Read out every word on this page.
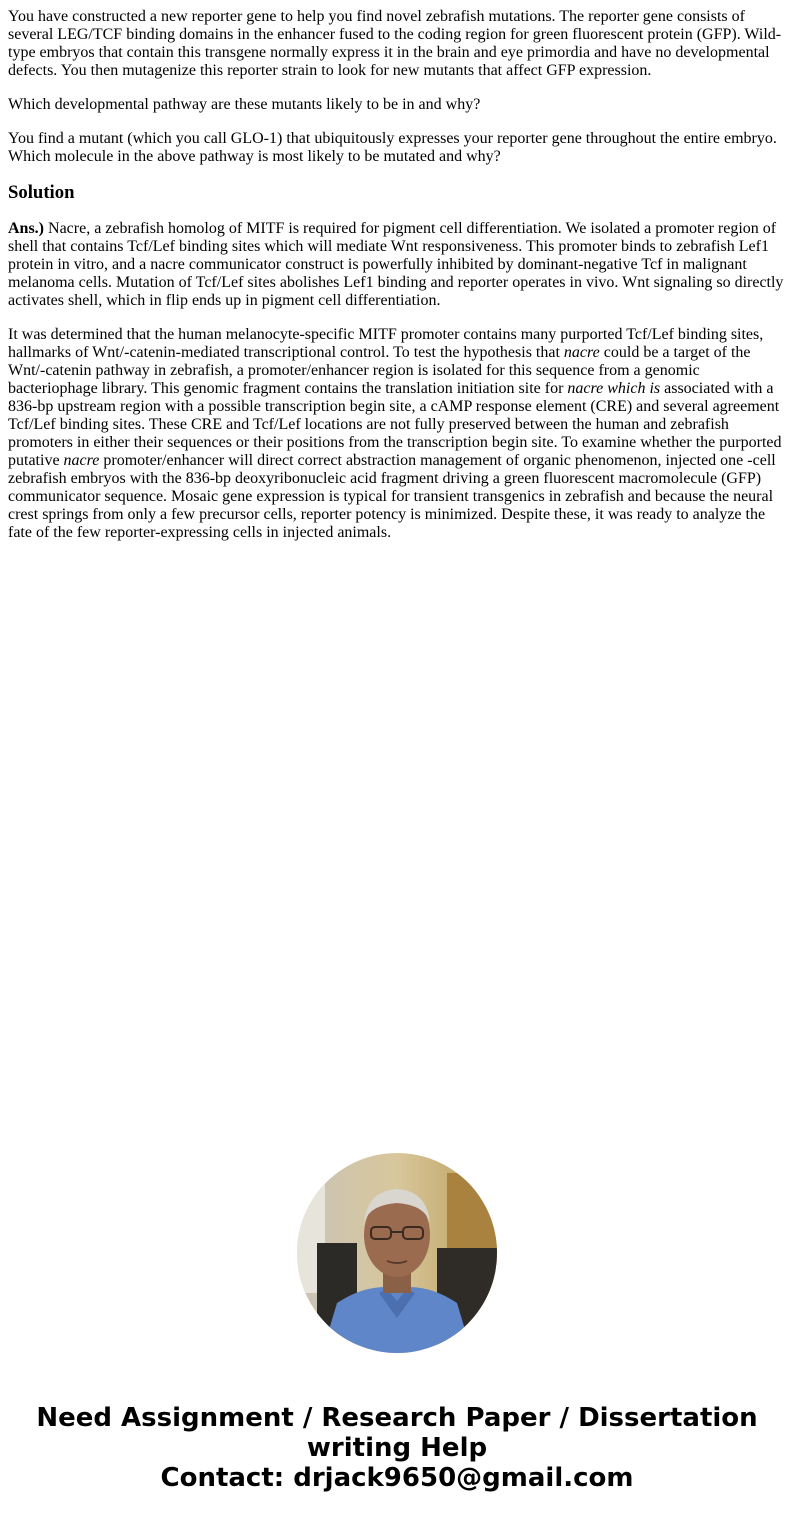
You have constructed a new reporter gene to help you find novel zebrafish mutations. The reporter gene consists of several LEG/TCF binding domains in the enhancer fused to the coding region for green fluorescent protein (GFP). Wild-type embryos that contain this transgene normally express it in the brain and eye primordia and have no developmental defects. You then mutagenize this reporter strain to look for new mutants that affect GFP expression.

Which developmental pathway are these mutants likely to be in and why?

You find a mutant (which you call GLO-1) that ubiquitously expresses your reporter gene throughout the entire embryo. Which molecule in the above pathway is most likely to be mutated and why?

Solution

Ans.) Nacre, a zebrafish homolog of MITF is required for pigment cell differentiation. We isolated a promoter region of shell that contains Tcf/Lef binding sites which will mediate Wnt responsiveness. This promoter binds to zebrafish Lef1 protein in vitro, and a nacre communicator construct is powerfully inhibited by dominant-negative Tcf in malignant melanoma cells. Mutation of Tcf/Lef sites abolishes Lef1 binding and reporter operates in vivo. Wnt signaling so directly activates shell, which in flip ends up in pigment cell differentiation.

It was determined that the human melanocyte-specific MITF promoter contains many purported Tcf/Lef binding sites, hallmarks of Wnt/-catenin-mediated transcriptional control. To test the hypothesis that nacre could be a target of the Wnt/-catenin pathway in zebrafish, a promoter/enhancer region is isolated for this sequence from a genomic bacteriophage library. This genomic fragment contains the translation initiation site for nacre which is associated with a 836-bp upstream region with a possible transcription begin site, a cAMP response element (CRE) and several agreement Tcf/Lef binding sites. These CRE and Tcf/Lef locations are not fully preserved between the human and zebrafish promoters in either their sequences or their positions from the transcription begin site. To examine whether the purported putative nacre promoter/enhancer will direct correct abstraction management of organic phenomenon, injected one -cell zebrafish embryos with the 836-bp deoxyribonucleic acid fragment driving a green fluorescent macromolecule (GFP) communicator sequence. Mosaic gene expression is typical for transient transgenics in zebrafish and because the neural crest springs from only a few precursor cells, reporter potency is minimized. Despite these, it was ready to analyze the fate of the few reporter-expressing cells in injected animals.

Need Assignment / Research Paper / Dissertation
writing Help
Contact: drjack9650@gmail.com
